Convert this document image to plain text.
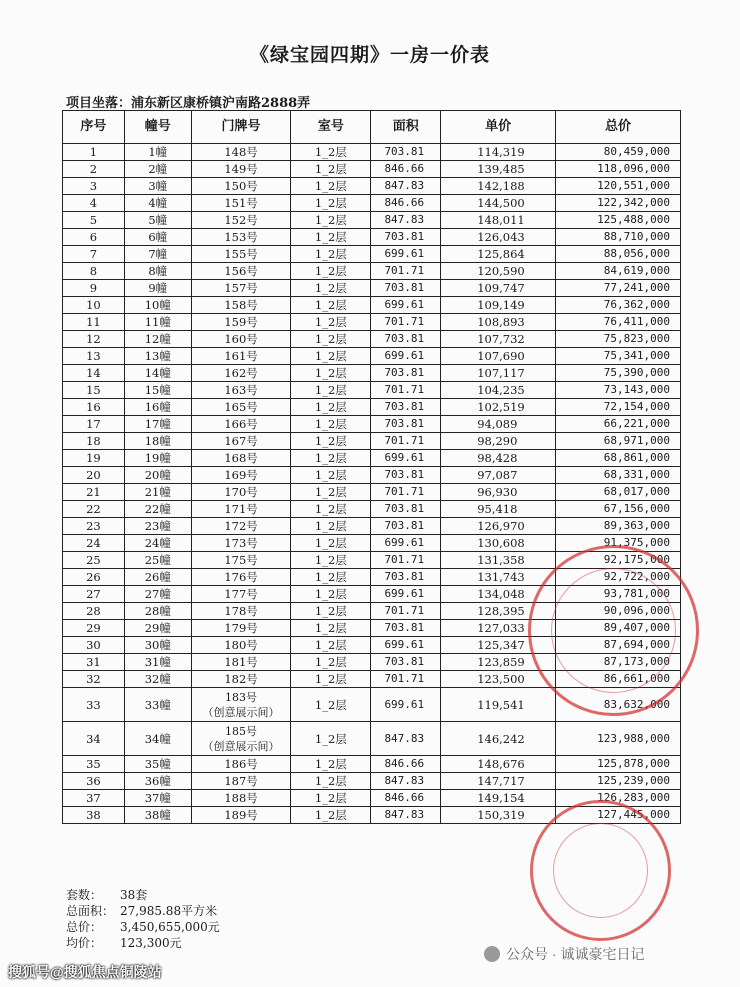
《绿宝园四期》一房一价表
项目坐落：浦东新区康桥镇沪南路2888弄
序号	幢号	门牌号	室号	面积	单价	总价
1	1幢	148号	1_2层	703.81	114,319	80,459,000
2	2幢	149号	1_2层	846.66	139,485	118,096,000
3	3幢	150号	1_2层	847.83	142,188	120,551,000
4	4幢	151号	1_2层	846.66	144,500	122,342,000
5	5幢	152号	1_2层	847.83	148,011	125,488,000
6	6幢	153号	1_2层	703.81	126,043	88,710,000
7	7幢	155号	1_2层	699.61	125,864	88,056,000
8	8幢	156号	1_2层	701.71	120,590	84,619,000
9	9幢	157号	1_2层	703.81	109,747	77,241,000
10	10幢	158号	1_2层	699.61	109,149	76,362,000
11	11幢	159号	1_2层	701.71	108,893	76,411,000
12	12幢	160号	1_2层	703.81	107,732	75,823,000
13	13幢	161号	1_2层	699.61	107,690	75,341,000
14	14幢	162号	1_2层	703.81	107,117	75,390,000
15	15幢	163号	1_2层	701.71	104,235	73,143,000
16	16幢	165号	1_2层	703.81	102,519	72,154,000
17	17幢	166号	1_2层	703.81	94,089	66,221,000
18	18幢	167号	1_2层	701.71	98,290	68,971,000
19	19幢	168号	1_2层	699.61	98,428	68,861,000
20	20幢	169号	1_2层	703.81	97,087	68,331,000
21	21幢	170号	1_2层	701.71	96,930	68,017,000
22	22幢	171号	1_2层	703.81	95,418	67,156,000
23	23幢	172号	1_2层	703.81	126,970	89,363,000
24	24幢	173号	1_2层	699.61	130,608	91,375,000
25	25幢	175号	1_2层	701.71	131,358	92,175,000
26	26幢	176号	1_2层	703.81	131,743	92,722,000
27	27幢	177号	1_2层	699.61	134,048	93,781,000
28	28幢	178号	1_2层	701.71	128,395	90,096,000
29	29幢	179号	1_2层	703.81	127,033	89,407,000
30	30幢	180号	1_2层	699.61	125,347	87,694,000
31	31幢	181号	1_2层	703.81	123,859	87,173,000
32	32幢	182号	1_2层	701.71	123,500	86,661,000
33	33幢	183号
（创意展示间）	1_2层	699.61	119,541	83,632,000
34	34幢	185号
（创意展示间）	1_2层	847.83	146,242	123,988,000
35	35幢	186号	1_2层	846.66	148,676	125,878,000
36	36幢	187号	1_2层	847.83	147,717	125,239,000
37	37幢	188号	1_2层	846.66	149,154	126,283,000
38	38幢	189号	1_2层	847.83	150,319	127,445,000
套数：	38套
总面积： 27,985.88平方米
总价：	3,450,655,000元
均价：	123,300元
公众号 · 诚诚豪宅日记
搜狐号@搜狐焦点铜陵站
